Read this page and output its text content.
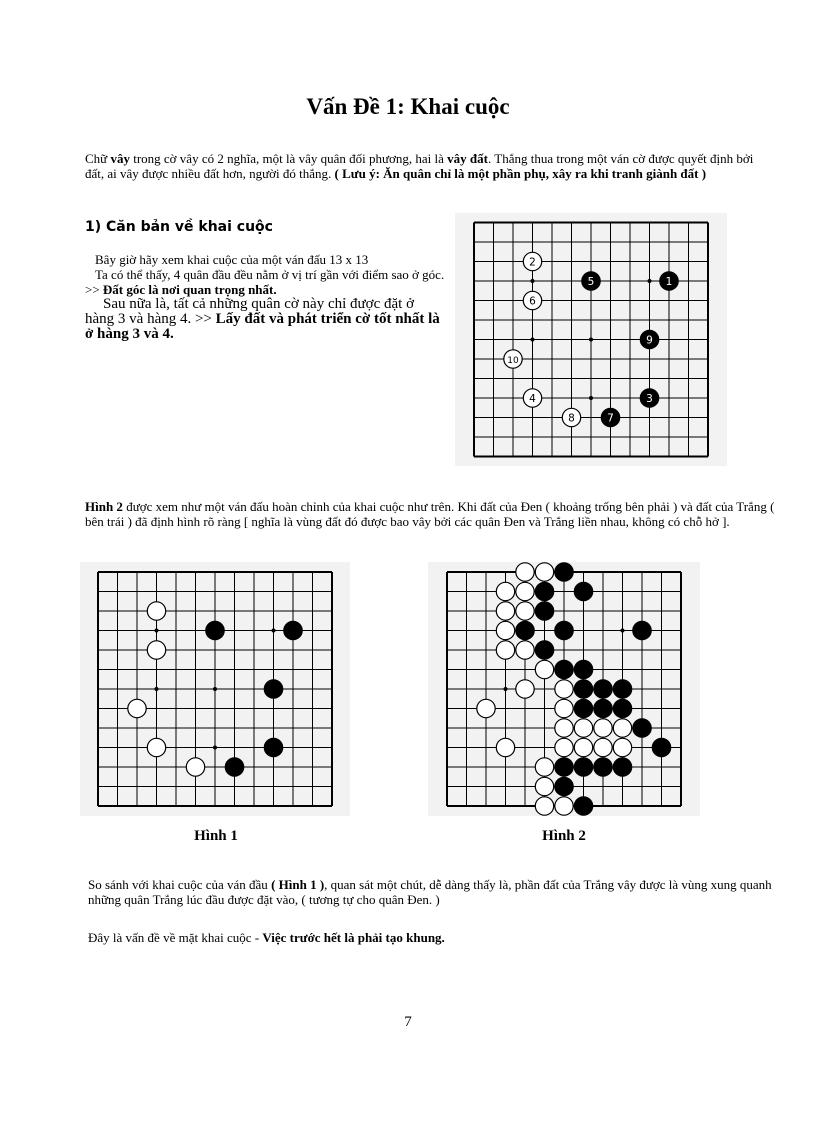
Vấn Đề 1: Khai cuộc
Chữ vây trong cờ vây có 2 nghĩa, một là vây quân đối phương, hai là vây đất. Thắng thua trong một ván cờ được quyết định bởi đất, ai vây được nhiều đất hơn, người đó thắng. ( Lưu ý: Ăn quân chỉ là một phần phụ, xây ra khi tranh giành đất )
1) Căn bản về khai cuộc
Bây giờ hãy xem khai cuộc của một ván đấu 13 x 13
Ta có thể thấy, 4 quân đầu đều nằm ở vị trí gần với điểm sao ở góc. >> Đất góc là nơi quan trọng nhất.
Sau nữa là, tất cả những quân cờ này chỉ được đặt ở hàng 3 và hàng 4. >> Lấy đất và phát triển cờ tốt nhất là ở hàng 3 và 4.
2
5	1
6
9
10
4	3
8	7
Hình 2 được xem như một ván đấu hoàn chỉnh của khai cuộc như trên. Khi đất của Đen ( khoảng trống bên phải ) và đất của Trắng ( bên trái ) đã định hình rõ ràng [ nghĩa là vùng đất đó được bao vây bởi các quân Đen và Trắng liền nhau, không có chỗ hở ].
Hình 1	Hình 2
So sánh với khai cuộc của ván đầu ( Hình 1 ), quan sát một chút, dễ dàng thấy là, phần đất của Trắng vây được là vùng xung quanh những quân Trắng lúc đầu được đặt vào, ( tương tự cho quân Đen. )
Đây là vấn đề về mặt khai cuộc - Việc trước hết là phải tạo khung.
7
